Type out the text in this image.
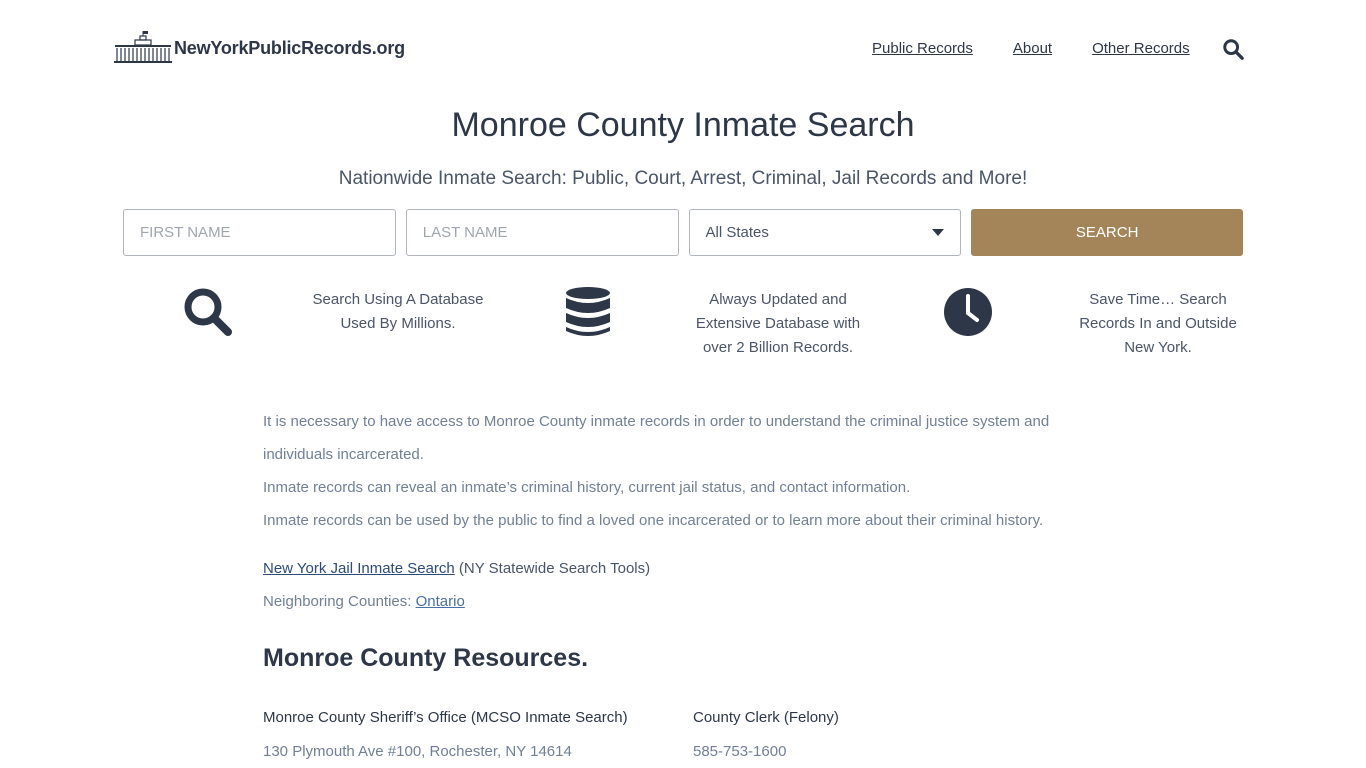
NewYorkPublicRecords.org	Public Records	About	Other Records
Monroe County Inmate Search
Nationwide Inmate Search: Public, Court, Arrest, Criminal, Jail Records and More!
FIRST NAME
LAST NAME
All States	SEARCH
Search Using A Database Used By Millions.
Always Updated and Extensive Database with over 2 Billion Records.
Save Time… Search Records In and Outside New York.

It is necessary to have access to Monroe County inmate records in order to understand the criminal justice system and individuals incarcerated.

Inmate records can reveal an inmate’s criminal history, current jail status, and contact information.

Inmate records can be used by the public to find a loved one incarcerated or to learn more about their criminal history.

New York Jail Inmate Search (NY Statewide Search Tools)

Neighboring Counties: Ontario

Monroe County Resources.
Monroe County Sheriff’s Office (MCSO Inmate Search)
130 Plymouth Ave #100, Rochester, NY 14614
County Clerk (Felony)
585-753-1600
